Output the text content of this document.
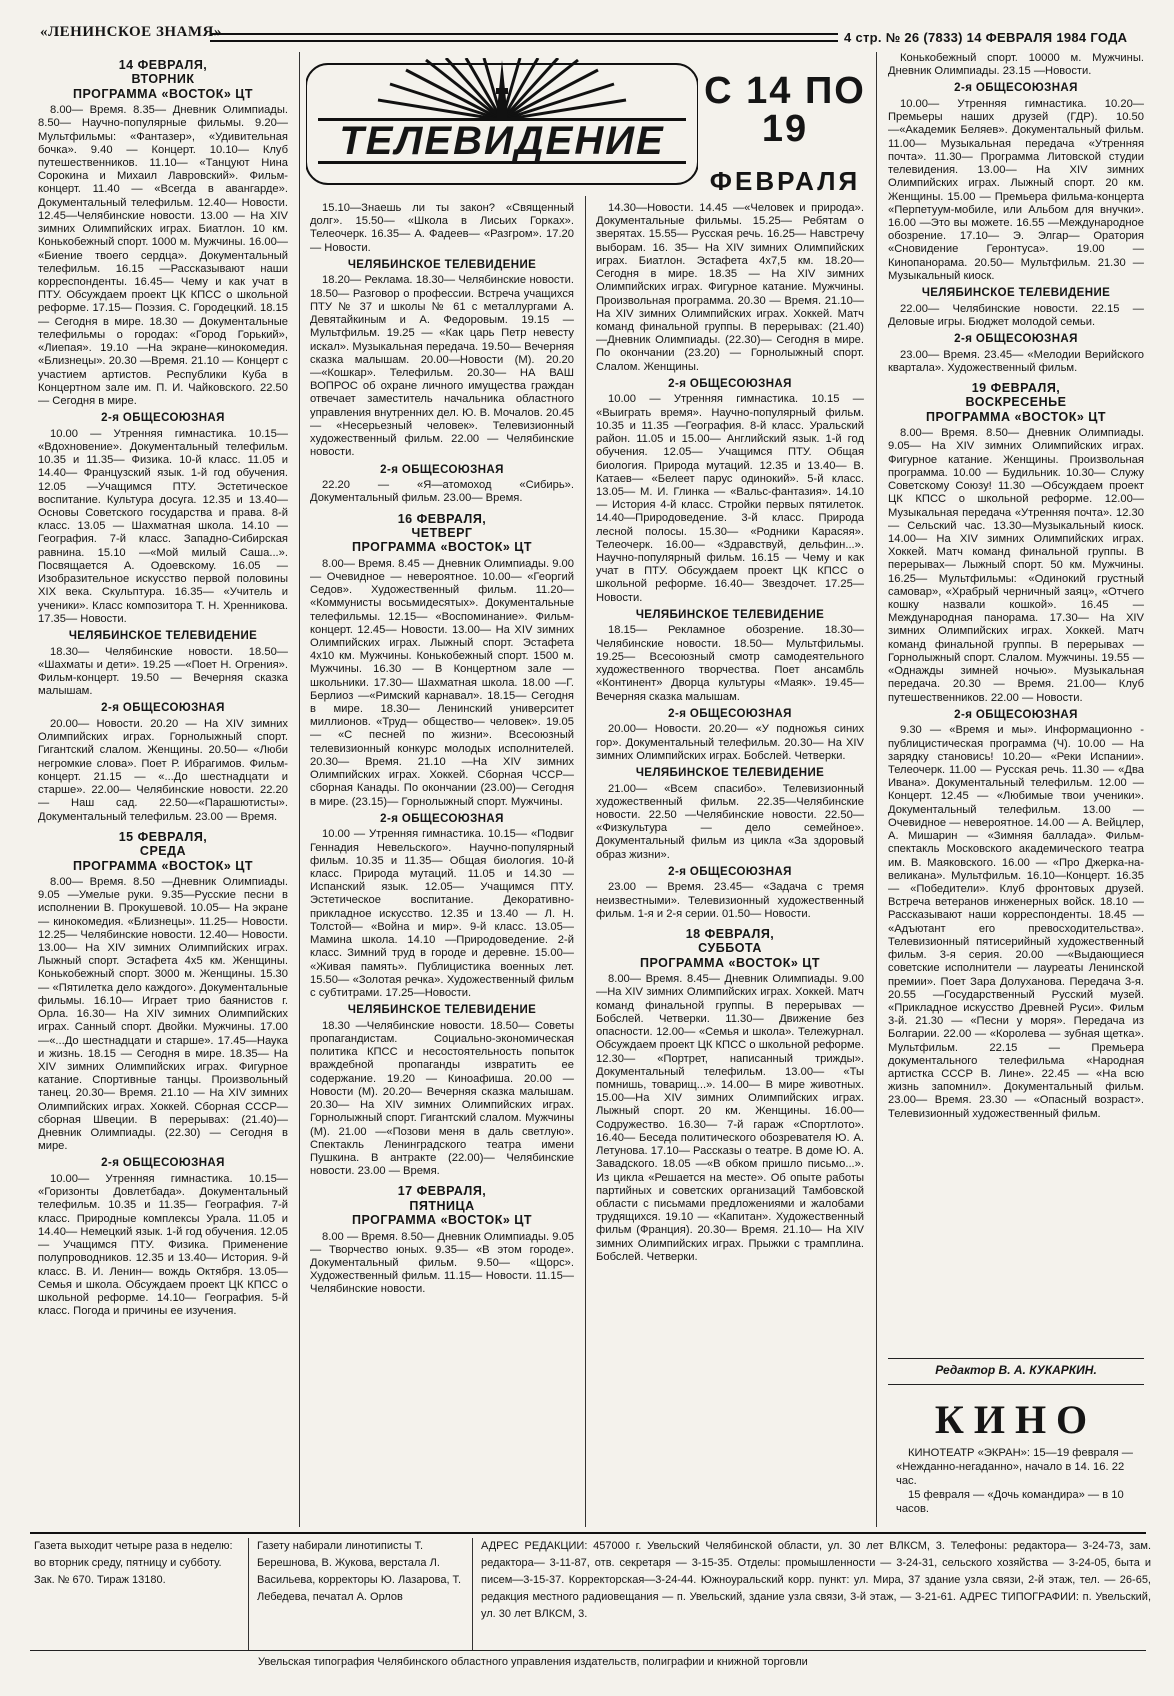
«ЛЕНИНСКОЕ ЗНАМЯ»	4 стр. № 26 (7833) 14 ФЕВРАЛЯ 1984 ГОДА
ТЕЛЕВИДЕНИЕ
С 14 ПО 19
ФЕВРАЛЯ
14 ФЕВРАЛЯ,
ВТОРНИК
ПРОГРАММА «ВОСТОК» ЦТ

8.00— Время. 8.35— Дневник Олимпиады. 8.50— Научно-популярные фильмы. 9.20— Мультфильмы: «Фантазер», «Удивительная бочка». 9.40 — Концерт. 10.10— Клуб путешественников. 11.10— «Танцуют Нина Сорокина и Михаил Лавровский». Фильм-концерт. 11.40 — «Всегда в авангарде». Документальный телефильм. 12.40— Новости. 12.45—Челябинские новости. 13.00 — На XIV зимних Олимпийских играх. Биатлон. 10 км. Конькобежный спорт. 1000 м. Мужчины. 16.00— «Биение твоего сердца». Документальный телефильм. 16.15 —Рассказывают наши корреспонденты. 16.45— Чему и как учат в ПТУ. Обсуждаем проект ЦК КПСС о школьной реформе. 17.15— Поэзия. С. Городецкий. 18.15— Сегодня в мире. 18.30 — Документальные телефильмы о городах: «Город Горький», «Лиепая». 19.10 —На экране—кинокомедия. «Близнецы». 20.30 —Время. 21.10 — Концерт с участием артистов. Республики Куба в Концертном зале им. П. И. Чайковского. 22.50 — Сегодня в мире.

2-я ОБЩЕСОЮЗНАЯ

10.00 — Утренняя гимнастика. 10.15— «Вдохновение». Документальный телефильм. 10.35 и 11.35— Физика. 10-й класс. 11.05 и 14.40— Французский язык. 1-й год обучения. 12.05 —Учащимся ПТУ. Эстетическое воспитание. Культура досуга. 12.35 и 13.40— Основы Советского государства и права. 8-й класс. 13.05 — Шахматная школа. 14.10 —География. 7-й класс. Западно-Сибирская равнина. 15.10 —«Мой милый Саша...». Посвящается А. Одоевскому. 16.05 —Изобразительное искусство первой половины XIX века. Скульптура. 16.35— «Учитель и ученики». Класс композитора Т. Н. Хренникова. 17.35— Новости.

ЧЕЛЯБИНСКОЕ ТЕЛЕВИДЕНИЕ

18.30— Челябинские новости. 18.50— «Шахматы и дети». 19.25 —«Поет Н. Огрения». Фильм-концерт. 19.50 — Вечерняя сказка малышам.

2-я ОБЩЕСОЮЗНАЯ

20.00— Новости. 20.20 — На XIV зимних Олимпийских играх. Горнолыжный спорт. Гигантский слалом. Женщины. 20.50— «Люби негромкие слова». Поет Р. Ибрагимов. Фильм-концерт. 21.15 — «...До шестнадцати и старше». 22.00— Челябинские новости. 22.20 — Наш сад. 22.50—«Парашютисты». Документальный телефильм. 23.00 — Время.

15 ФЕВРАЛЯ,
СРЕДА
ПРОГРАММА «ВОСТОК» ЦТ

8.00— Время. 8.50 —Дневник Олимпиады. 9.05 —Умелые руки. 9.35—Русские песни в исполнении В. Прокушевой. 10.05— На экране— кинокомедия. «Близнецы». 11.25— Новости. 12.25— Челябинские новости. 12.40— Новости. 13.00— На XIV зимних Олимпийских играх. Лыжный спорт. Эстафета 4х5 км. Женщины. Конькобежный спорт. 3000 м. Женщины. 15.30 — «Пятилетка дело каждого». Документальные фильмы. 16.10— Играет трио баянистов г. Орла. 16.30— На XIV зимних Олимпийских играх. Санный спорт. Двойки. Мужчины. 17.00—«...До шестнадцати и старше». 17.45—Наука и жизнь. 18.15 — Сегодня в мире. 18.35— На XIV зимних Олимпийских играх. Фигурное катание. Спортивные танцы. Произвольный танец. 20.30— Время. 21.10 — На XIV зимних Олимпийских играх. Хоккей. Сборная СССР— сборная Швеции. В перерывах: (21.40)— Дневник Олимпиады. (22.30) — Сегодня в мире.

2-я ОБЩЕСОЮЗНАЯ

10.00— Утренняя гимнастика. 10.15— «Горизонты Довлетбада». Документальный телефильм. 10.35 и 11.35— География. 7-й класс. Природные комплексы Урала. 11.05 и 14.40— Немецкий язык. 1-й год обучения. 12.05— Учащимся ПТУ. Физика. Применение полупроводников. 12.35 и 13.40— История. 9-й класс. В. И. Ленин— вождь Октября. 13.05— Семья и школа. Обсуждаем проект ЦК КПСС о школьной реформе. 14.10— География. 5-й класс. Погода и причины ее изучения.

15.10—Знаешь ли ты закон? «Священный долг». 15.50— «Школа в Лисьих Горках». Телеочерк. 16.35— А. Фадеев— «Разгром». 17.20 — Новости.

ЧЕЛЯБИНСКОЕ ТЕЛЕВИДЕНИЕ

18.20— Реклама. 18.30— Челябинские новости. 18.50— Разговор о профессии. Встреча учащихся ПТУ № 37 и школы № 61 с металлургами А. Девятайкиным и А. Федоровым. 19.15 —Мультфильм. 19.25 — «Как царь Петр невесту искал». Музыкальная передача. 19.50— Вечерняя сказка малышам. 20.00—Новости (М). 20.20 —«Кошкар». Телефильм. 20.30— НА ВАШ ВОПРОС об охране личного имущества граждан отвечает заместитель начальника областного управления внутренних дел. Ю. В. Мочалов. 20.45 — «Несерьезный человек». Телевизионный художественный фильм. 22.00 — Челябинские новости.

2-я ОБЩЕСОЮЗНАЯ

22.20 — «Я—атомоход «Сибирь». Документальный фильм. 23.00— Время.

16 ФЕВРАЛЯ,
ЧЕТВЕРГ
ПРОГРАММА «ВОСТОК» ЦТ

8.00— Время. 8.45 — Дневник Олимпиады. 9.00— Очевидное — невероятное. 10.00— «Георгий Седов». Художественный фильм. 11.20— «Коммунисты восьмидесятых». Документальные телефильмы. 12.15— «Воспоминание». Фильм-концерт. 12.45— Новости. 13.00— На XIV зимних Олимпийских играх. Лыжный спорт. Эстафета 4х10 км. Мужчины. Конькобежный спорт. 1500 м. Мужчины. 16.30 — В Концертном зале — школьники. 17.30— Шахматная школа. 18.00 —Г. Берлиоз —«Римский карнавал». 18.15— Сегодня в мире. 18.30— Ленинский университет миллионов. «Труд— общество— человек». 19.05 — «С песней по жизни». Всесоюзный телевизионный конкурс молодых исполнителей. 20.30— Время. 21.10 —На XIV зимних Олимпийских играх. Хоккей. Сборная ЧССР— сборная Канады. По окончании (23.00)— Сегодня в мире. (23.15)— Горнолыжный спорт. Мужчины.

2-я ОБЩЕСОЮЗНАЯ

10.00 — Утренняя гимнастика. 10.15— «Подвиг Геннадия Невельского». Научно-популярный фильм. 10.35 и 11.35— Общая биология. 10-й класс. Природа мутаций. 11.05 и 14.30 — Испанский язык. 12.05— Учащимся ПТУ. Эстетическое воспитание. Декоративно-прикладное искусство. 12.35 и 13.40 — Л. Н. Толстой— «Война и мир». 9-й класс. 13.05— Мамина школа. 14.10 —Природоведение. 2-й класс. Зимний труд в городе и деревне. 15.00— «Живая память». Публицистика военных лет. 15.50— «Золотая речка». Художественный фильм с субтитрами. 17.25—Новости.

ЧЕЛЯБИНСКОЕ ТЕЛЕВИДЕНИЕ

18.30 —Челябинские новости. 18.50— Советы пропагандистам. Социально-экономическая политика КПСС и несостоятельность попыток враждебной пропаганды извратить ее содержание. 19.20 — Киноафиша. 20.00 — Новости (М). 20.20— Вечерняя сказка малышам. 20.30— На XIV зимних Олимпийских играх. Горнолыжный спорт. Гигантский слалом. Мужчины (М). 21.00 —«Позови меня в даль светлую». Спектакль Ленинградского театра имени Пушкина. В антракте (22.00)— Челябинские новости. 23.00 — Время.

17 ФЕВРАЛЯ,
ПЯТНИЦА
ПРОГРАММА «ВОСТОК» ЦТ

8.00 — Время. 8.50— Дневник Олимпиады. 9.05 — Творчество юных. 9.35— «В этом городе». Документальный фильм. 9.50— «Щорс». Художественный фильм. 11.15— Новости. 11.15— Челябинские новости.

14.30—Новости. 14.45 —«Человек и природа». Документальные фильмы. 15.25— Ребятам о зверятах. 15.55— Русская речь. 16.25— Навстречу выборам. 16. 35— На XIV зимних Олимпийских играх. Биатлон. Эстафета 4х7,5 км. 18.20— Сегодня в мире. 18.35 — На XIV зимних Олимпийских играх. Фигурное катание. Мужчины. Произвольная программа. 20.30 — Время. 21.10— На XIV зимних Олимпийских играх. Хоккей. Матч команд финальной группы. В перерывах: (21.40) —Дневник Олимпиады. (22.30)— Сегодня в мире. По окончании (23.20) — Горнолыжный спорт. Слалом. Женщины.

2-я ОБЩЕСОЮЗНАЯ

10.00 — Утренняя гимнастика. 10.15 — «Выиграть время». Научно-популярный фильм. 10.35 и 11.35 —География. 8-й класс. Уральский район. 11.05 и 15.00— Английский язык. 1-й год обучения. 12.05— Учащимся ПТУ. Общая биология. Природа мутаций. 12.35 и 13.40— В. Катаев— «Белеет парус одинокий». 5-й класс. 13.05— М. И. Глинка — «Вальс-фантазия». 14.10 — История 4-й класс. Стройки первых пятилеток. 14.40—Природоведение. 3-й класс. Природа лесной полосы. 15.30— «Родники Карасяя». Телеочерк. 16.00— «Здравствуй, дельфин...». Научно-популярный фильм. 16.15 — Чему и как учат в ПТУ. Обсуждаем проект ЦК КПСС о школьной реформе. 16.40— Звездочет. 17.25— Новости.

ЧЕЛЯБИНСКОЕ ТЕЛЕВИДЕНИЕ

18.15— Рекламное обозрение. 18.30— Челябинские новости. 18.50— Мультфильмы. 19.25— Всесоюзный смотр самодеятельного художественного творчества. Поет ансамбль «Континент» Дворца культуры «Маяк». 19.45— Вечерняя сказка малышам.

2-я ОБЩЕСОЮЗНАЯ

20.00— Новости. 20.20— «У подножья синих гор». Документальный телефильм. 20.30— На XIV зимних Олимпийских играх. Бобслей. Четверки.

ЧЕЛЯБИНСКОЕ ТЕЛЕВИДЕНИЕ

21.00— «Всем спасибо». Телевизионный художественный фильм. 22.35—Челябинские новости. 22.50 —Челябинские новости. 22.50— «Физкультура — дело семейное». Документальный фильм из цикла «За здоровый образ жизни».

2-я ОБЩЕСОЮЗНАЯ

23.00 — Время. 23.45— «Задача с тремя неизвестными». Телевизионный художественный фильм. 1-я и 2-я серии. 01.50— Новости.

18 ФЕВРАЛЯ,
СУББОТА
ПРОГРАММА «ВОСТОК» ЦТ

8.00— Время. 8.45— Дневник Олимпиады. 9.00—На XIV зимних Олимпийских играх. Хоккей. Матч команд финальной группы. В перерывах —Бобслей. Четверки. 11.30— Движение без опасности. 12.00— «Семья и школа». Тележурнал. Обсуждаем проект ЦК КПСС о школьной реформе. 12.30— «Портрет, написанный трижды». Документальный телефильм. 13.00— «Ты помнишь, товарищ...». 14.00— В мире животных. 15.00—На XIV зимних Олимпийских играх. Лыжный спорт. 20 км. Женщины. 16.00— Содружество. 16.30— 7-й гараж «Спортлото». 16.40— Беседа политического обозревателя Ю. А. Летунова. 17.10— Рассказы о театре. В доме Ю. А. Завадского. 18.05 —«В обком пришло письмо...». Из цикла «Решается на месте». Об опыте работы партийных и советских организаций Тамбовской области с письмами предложениями и жалобами трудящихся. 19.10 — «Капитан». Художественный фильм (Франция). 20.30— Время. 21.10— На XIV зимних Олимпийских играх. Прыжки с трамплина. Бобслей. Четверки.

Конькобежный спорт. 10000 м. Мужчины. Дневник Олимпиады. 23.15 —Новости.

2-я ОБЩЕСОЮЗНАЯ

10.00— Утренняя гимнастика. 10.20— Премьеры наших друзей (ГДР). 10.50 —«Академик Беляев». Документальный фильм. 11.00— Музыкальная передача «Утренняя почта». 11.30— Программа Литовской студии телевидения. 13.00— На XIV зимних Олимпийских играх. Лыжный спорт. 20 км. Женщины. 15.00 — Премьера фильма-концерта «Перпетуум-мобиле, или Альбом для внучки». 16.00 —Это вы можете. 16.55 —Международное обозрение. 17.10— Э. Элгар— Оратория «Сновидение Геронтуса». 19.00 — Кинопанорама. 20.50— Мультфильм. 21.30 — Музыкальный киоск.

ЧЕЛЯБИНСКОЕ ТЕЛЕВИДЕНИЕ

22.00— Челябинские новости. 22.15 — Деловые игры. Бюджет молодой семьи.

2-я ОБЩЕСОЮЗНАЯ

23.00— Время. 23.45— «Мелодии Верийского квартала». Художественный фильм.

19 ФЕВРАЛЯ,
ВОСКРЕСЕНЬЕ
ПРОГРАММА «ВОСТОК» ЦТ

8.00— Время. 8.50— Дневник Олимпиады. 9.05— На XIV зимних Олимпийских играх. Фигурное катание. Женщины. Произвольная программа. 10.00 — Будильник. 10.30— Служу Советскому Союзу! 11.30 —Обсуждаем проект ЦК КПСС о школьной реформе. 12.00—Музыкальная передача «Утренняя почта». 12.30— Сельский час. 13.30—Музыкальный киоск. 14.00— На XIV зимних Олимпийских играх. Хоккей. Матч команд финальной группы. В перерывах— Лыжный спорт. 50 км. Мужчины. 16.25— Мультфильмы: «Одинокий грустный самовар», «Храбрый черничный заяц», «Отчего кошку назвали кошкой». 16.45 — Международная панорама. 17.30— На XIV зимних Олимпийских играх. Хоккей. Матч команд финальной группы. В перерывах — Горнолыжный спорт. Слалом. Мужчины. 19.55 — «Однажды зимней ночью». Музыкальная передача. 20.30 — Время. 21.00— Клуб путешественников. 22.00 — Новости.

2-я ОБЩЕСОЮЗНАЯ

9.30 — «Время и мы». Информационно - публицистическая программа (Ч). 10.00 — На зарядку становись! 10.20— «Реки Испании». Телеочерк. 11.00 — Русская речь. 11.30 — «Два Ивана». Документальный телефильм. 12.00 — Концерт. 12.45 — «Любимые твои ученики». Документальный телефильм. 13.00 — Очевидное — невероятное. 14.00 — А. Вейцлер, А. Мишарин — «Зимняя баллада». Фильм-спектакль Московского академического театра им. В. Маяковского. 16.00 — «Про Джерка-на-великана». Мультфильм. 16.10—Концерт. 16.35 — «Победители». Клуб фронтовых друзей. Встреча ветеранов инженерных войск. 18.10 — Рассказывают наши корреспонденты. 18.45 — «Адъютант его превосходительства». Телевизионный пятисерийный художественный фильм. 3-я серия. 20.00 —«Выдающиеся советские исполнители — лауреаты Ленинской премии». Поет Зара Долуханова. Передача 3-я. 20.55 —Государственный Русский музей. «Прикладное искусство Древней Руси». Фильм 3-й. 21.30 — «Песни у моря». Передача из Болгарии. 22.00 — «Королева — зубная щетка». Мультфильм. 22.15 — Премьера документального телефильма «Народная артистка СССР В. Лине». 22.45 — «На всю жизнь запомнил». Документальный фильм. 23.00— Время. 23.30 — «Опасный возраст». Телевизионный художественный фильм.

Редактор В. А. КУКАРКИН.
КИНО

КИНОТЕАТР «ЭКРАН»: 15—19 февраля — «Нежданно-негаданно», начало в 14. 16. 22 час.

15 февраля — «Дочь командира» — в 10 часов.

Газета выходит четыре раза в неделю: во вторник среду, пятницу и субботу. Зак. № 670. Тираж 13180.
Газету набирали линотиписты Т. Берешнова, В. Жукова, верстала Л. Васильева, корректоры Ю. Лазарова, Т. Лебедева, печатал А. Орлов
АДРЕС РЕДАКЦИИ: 457000 г. Увельский Челябинской области, ул. 30 лет ВЛКСМ, 3. Телефоны: редактора— 3-24-73, зам. редактора— 3-11-87, отв. секретаря — 3-15-35. Отделы: промышленности — 3-24-31, сельского хозяйства — 3-24-05, быта и писем—3-15-37. Корректорская—3-24-44. Южноуральский корр. пункт: ул. Мира, 37 здание узла связи, 2-й этаж, тел. — 26-65, редакция местного радиовещания — п. Увельский, здание узла связи, 3-й этаж, — 3-21-61. АДРЕС ТИПОГРАФИИ: п. Увельский, ул. 30 лет ВЛКСМ, 3.
Увельская типография Челябинского областного управления издательств, полиграфии и книжной торговли
